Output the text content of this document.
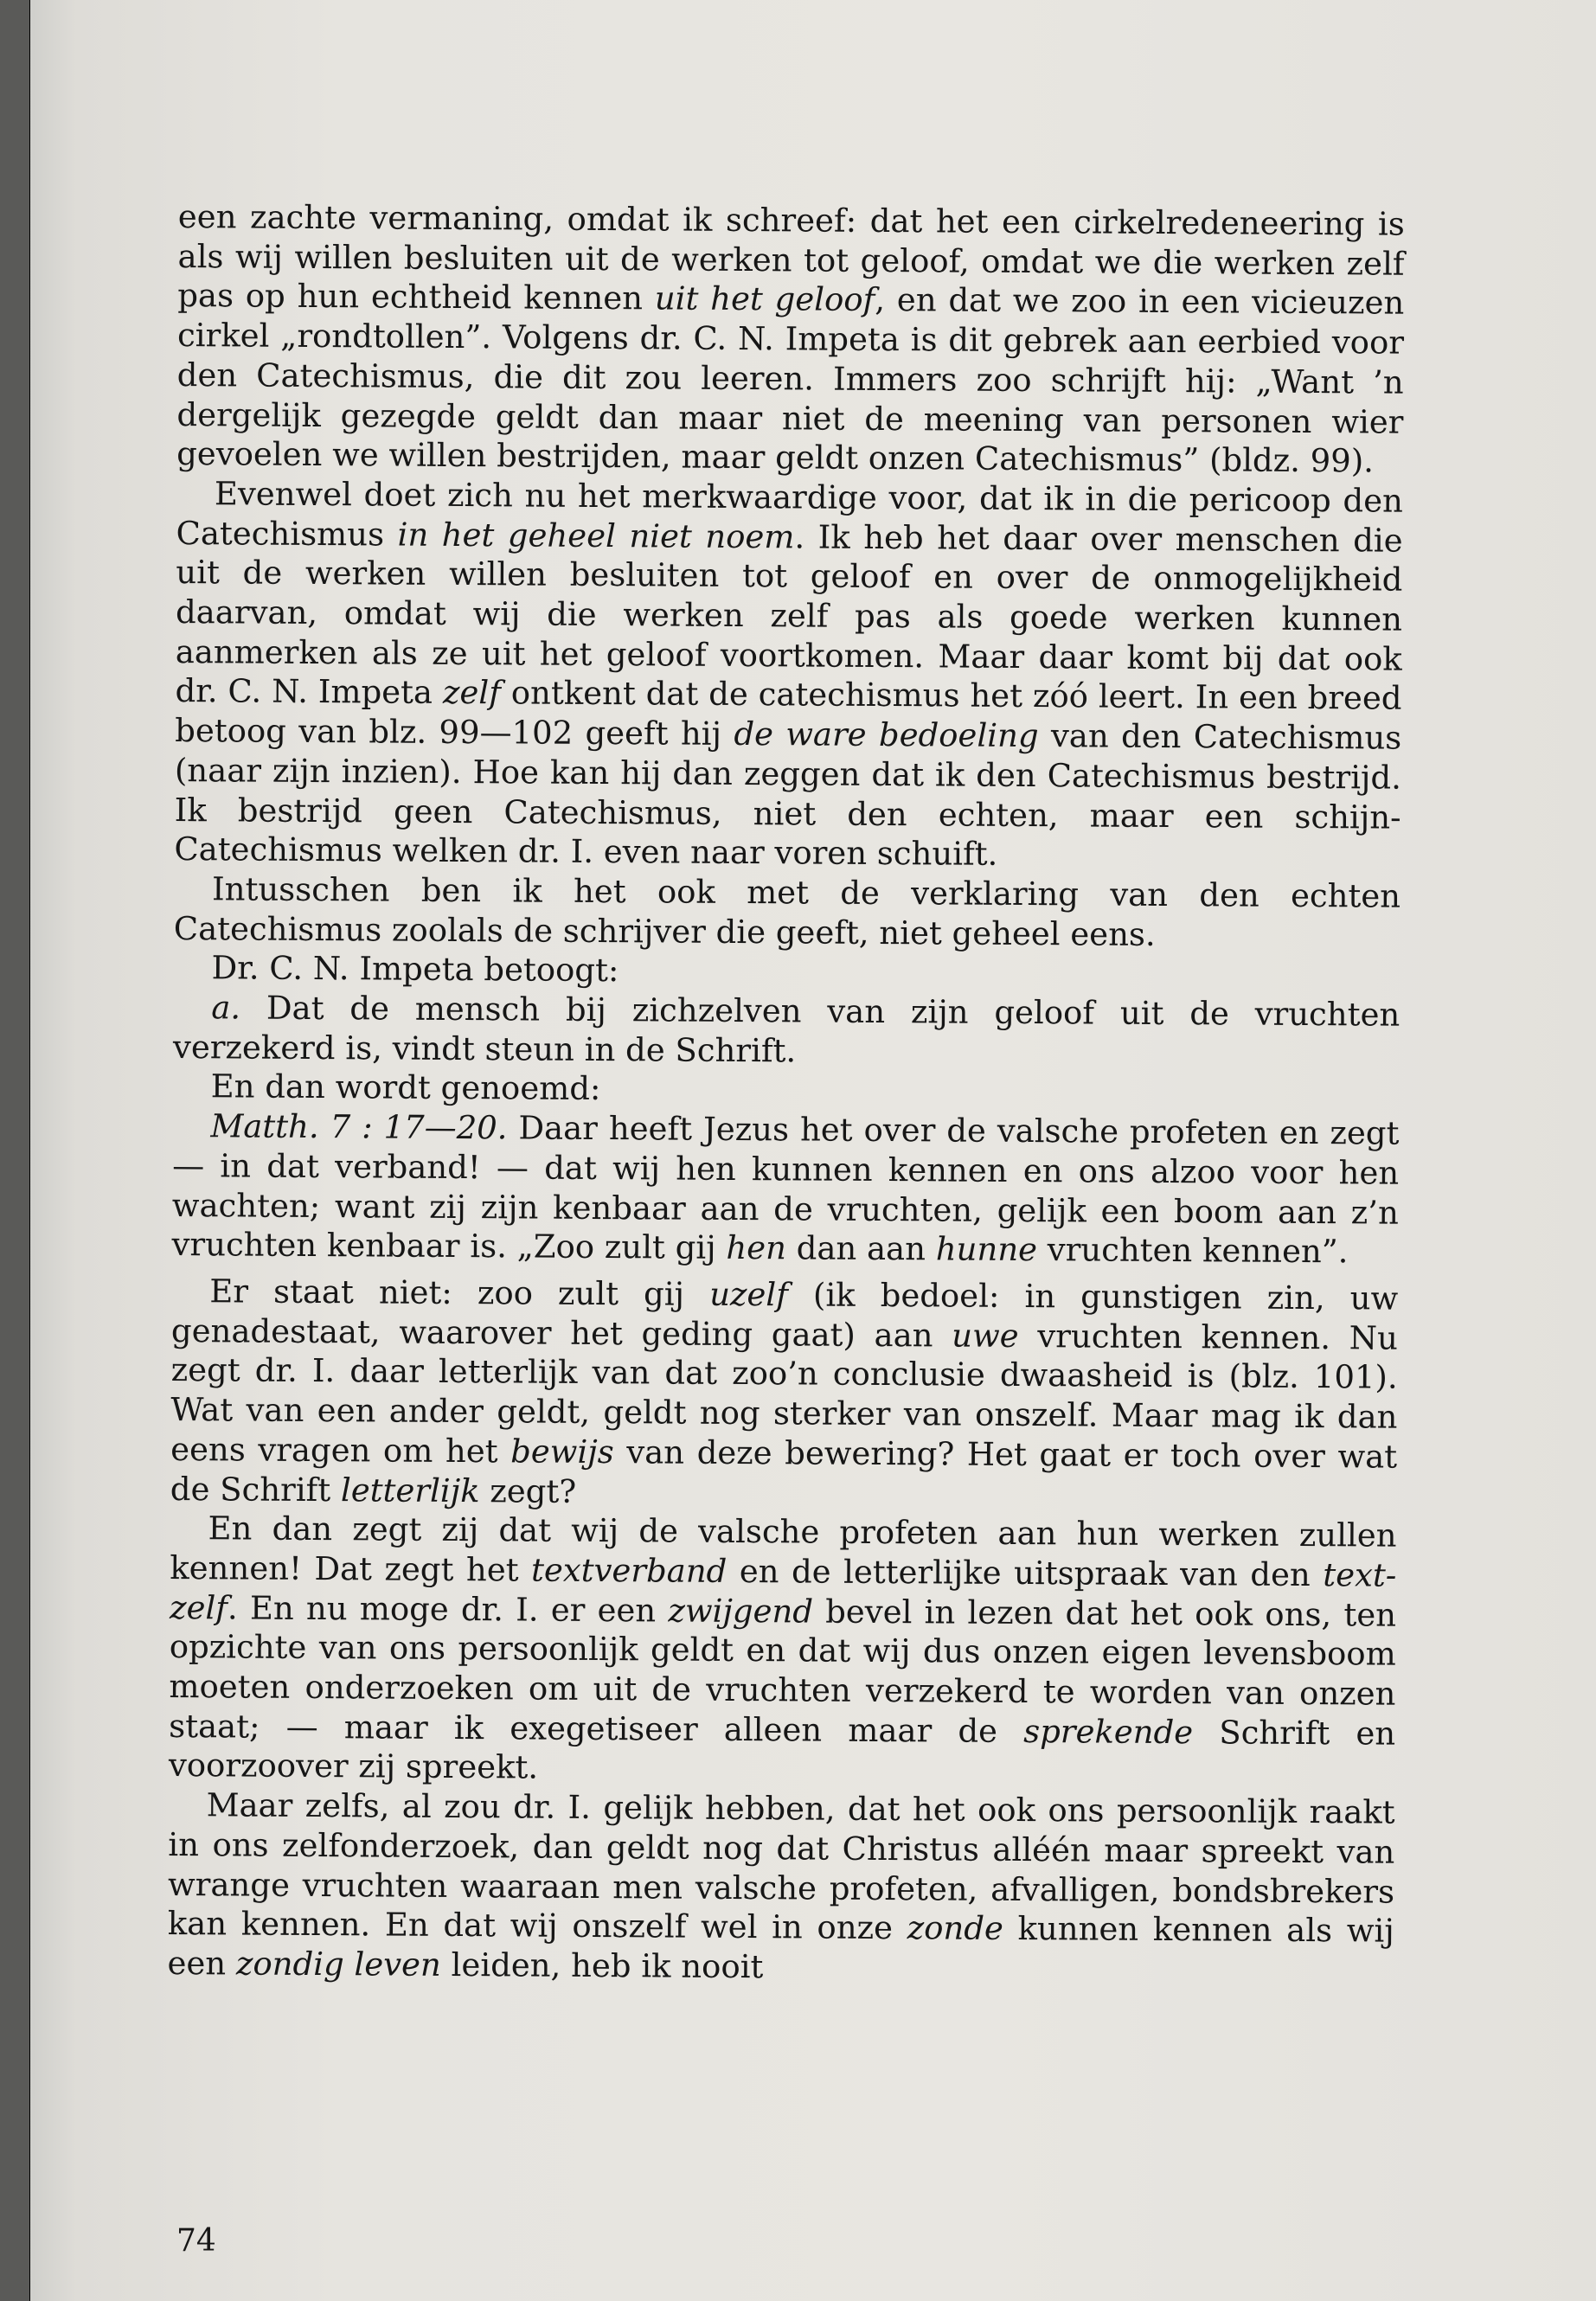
een zachte vermaning, omdat ik schreef: dat het een cirkelredeneering is als wij willen besluiten uit de werken tot geloof, omdat we die werken zelf pas op hun echtheid kennen uit het geloof, en dat we zoo in een vicieuzen cirkel „rondtollen”. Volgens dr. C. N. Impeta is dit gebrek aan eerbied voor den Catechismus, die dit zou leeren. Immers zoo schrijft hij: „Want ’n dergelijk gezegde geldt dan maar niet de meening van personen wier gevoelen we willen bestrijden, maar geldt onzen Catechismus” (bldz. 99).

Evenwel doet zich nu het merkwaardige voor, dat ik in die pericoop den Catechismus in het geheel niet noem. Ik heb het daar over menschen die uit de werken willen besluiten tot geloof en over de onmogelijkheid daarvan, omdat wij die werken zelf pas als goede werken kunnen aanmerken als ze uit het geloof voortkomen. Maar daar komt bij dat ook dr. C. N. Impeta zelf ontkent dat de catechismus het zóó leert. In een breed betoog van blz. 99—102 geeft hij de ware bedoeling van den Catechismus (naar zijn inzien). Hoe kan hij dan zeggen dat ik den Catechismus bestrijd. Ik bestrijd geen Catechismus, niet den echten, maar een schijn-Catechismus welken dr. I. even naar voren schuift.

Intusschen ben ik het ook met de verklaring van den echten Catechismus zoolals de schrijver die geeft, niet geheel eens.

Dr. C. N. Impeta betoogt:

a. Dat de mensch bij zichzelven van zijn geloof uit de vruchten verzekerd is, vindt steun in de Schrift.

En dan wordt genoemd:

Matth. 7 : 17—20. Daar heeft Jezus het over de valsche profeten en zegt — in dat verband! — dat wij hen kunnen kennen en ons alzoo voor hen wachten; want zij zijn kenbaar aan de vruchten, gelijk een boom aan z’n vruchten kenbaar is. „Zoo zult gij hen dan aan hunne vruchten kennen”.

Er staat niet: zoo zult gij uzelf (ik bedoel: in gunstigen zin, uw genadestaat, waarover het geding gaat) aan uwe vruchten kennen. Nu zegt dr. I. daar letterlijk van dat zoo’n conclusie dwaasheid is (blz. 101). Wat van een ander geldt, geldt nog sterker van onszelf. Maar mag ik dan eens vragen om het bewijs van deze bewering? Het gaat er toch over wat de Schrift letterlijk zegt?

En dan zegt zij dat wij de valsche profeten aan hun werken zullen kennen! Dat zegt het textverband en de letterlijke uitspraak van den text-zelf. En nu moge dr. I. er een zwijgend bevel in lezen dat het ook ons, ten opzichte van ons persoonlijk geldt en dat wij dus onzen eigen levensboom moeten onderzoeken om uit de vruchten verzekerd te worden van onzen staat; — maar ik exegetiseer alleen maar de sprekende Schrift en voorzoover zij spreekt.

Maar zelfs, al zou dr. I. gelijk hebben, dat het ook ons persoonlijk raakt in ons zelfonderzoek, dan geldt nog dat Christus alléén maar spreekt van wrange vruchten waaraan men valsche profeten, afvalligen, bondsbrekers kan kennen. En dat wij onszelf wel in onze zonde kunnen kennen als wij een zondig leven leiden, heb ik nooit

74
